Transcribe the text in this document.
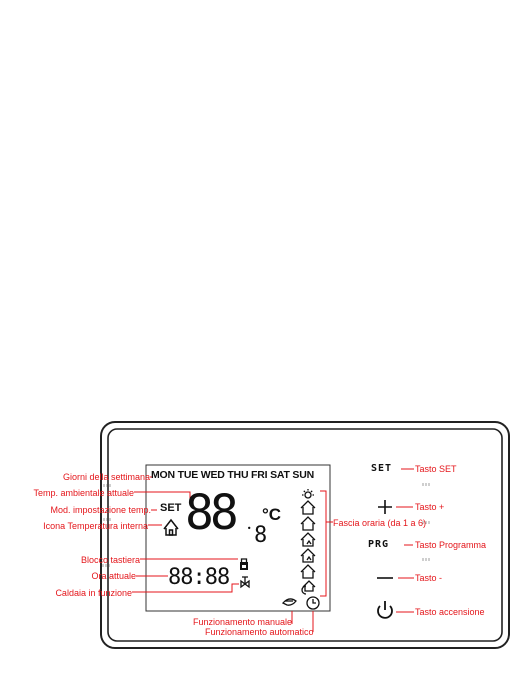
MON TUE WED THU FRI SAT SUN
SET 88	● 8
°C
88:88
SET
PRG
Giorni della settimana
Temp. ambientale attuale
Mod. impostazione temp.
Icona Temperatura interna
Blocco tastiera
Ora attuale
Caldaia in funzione
Funzionamento manuale
Funzionamento automatico
Fascia oraria (da 1 a 6)
Tasto SET
Tasto +
Tasto Programma
Tasto -
Tasto accensione
